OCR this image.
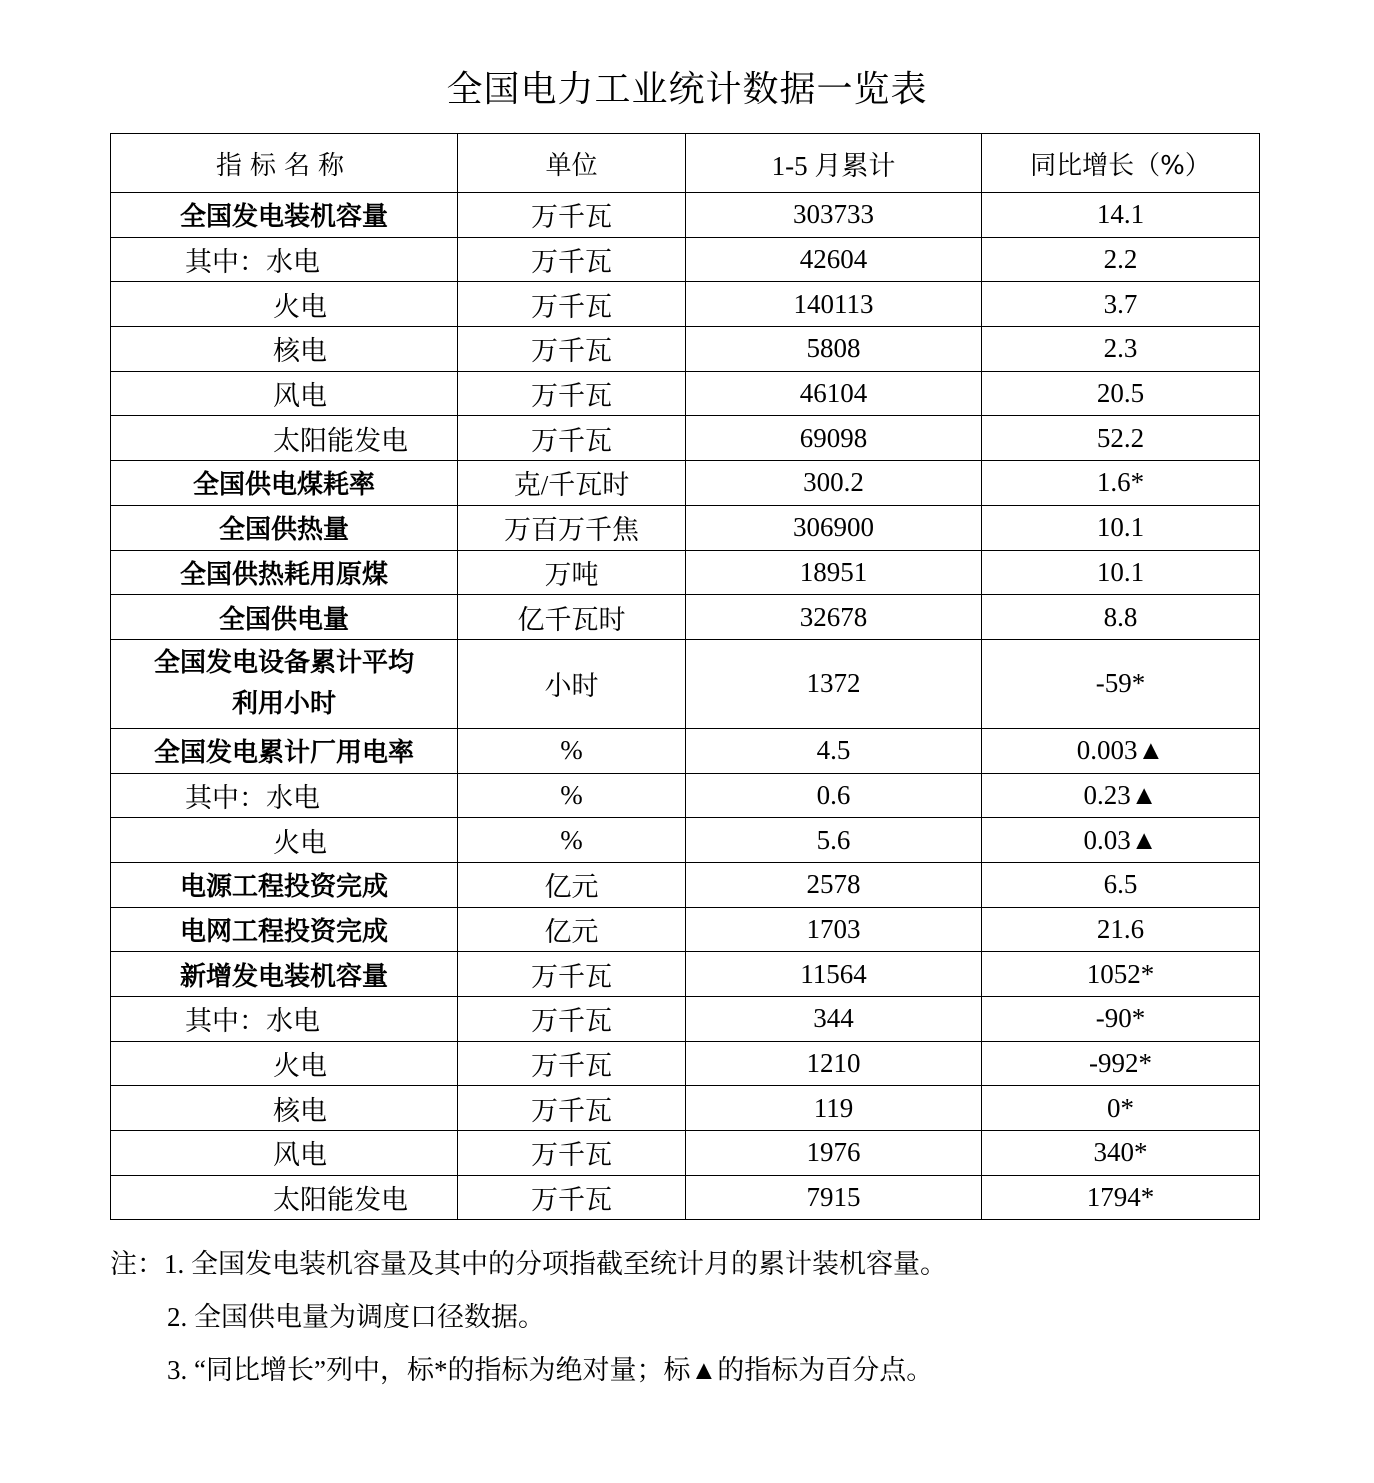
全国电力工业统计数据一览表
指标名称	单位	1-5 月累计	同比增长（%）
全国发电装机容量	万千瓦	303733	14.1
其中：水电	万千瓦	42604	2.2
火电	万千瓦	140113	3.7
核电	万千瓦	5808	2.3
风电	万千瓦	46104	20.5
太阳能发电	万千瓦	69098	52.2
全国供电煤耗率	克/千瓦时	300.2	1.6*
全国供热量	万百万千焦	306900	10.1
全国供热耗用原煤	万吨	18951	10.1
全国供电量	亿千瓦时	32678	8.8

全国发电设备累计平均
利用小时	小时	1372	-59*
全国发电累计厂用电率	%	4.5	0.003▲
其中：水电	%	0.6	0.23▲
火电	%	5.6	0.03▲
电源工程投资完成	亿元	2578	6.5
电网工程投资完成	亿元	1703	21.6
新增发电装机容量	万千瓦	11564	1052*
其中：水电	万千瓦	344	-90*
火电	万千瓦	1210	-992*
核电	万千瓦	119	0*
风电	万千瓦	1976	340*
太阳能发电	万千瓦	7915	1794*
注：1. 全国发电装机容量及其中的分项指截至统计月的累计装机容量。
2. 全国供电量为调度口径数据。
3. “同比增长”列中，标*的指标为绝对量；标▲的指标为百分点。
